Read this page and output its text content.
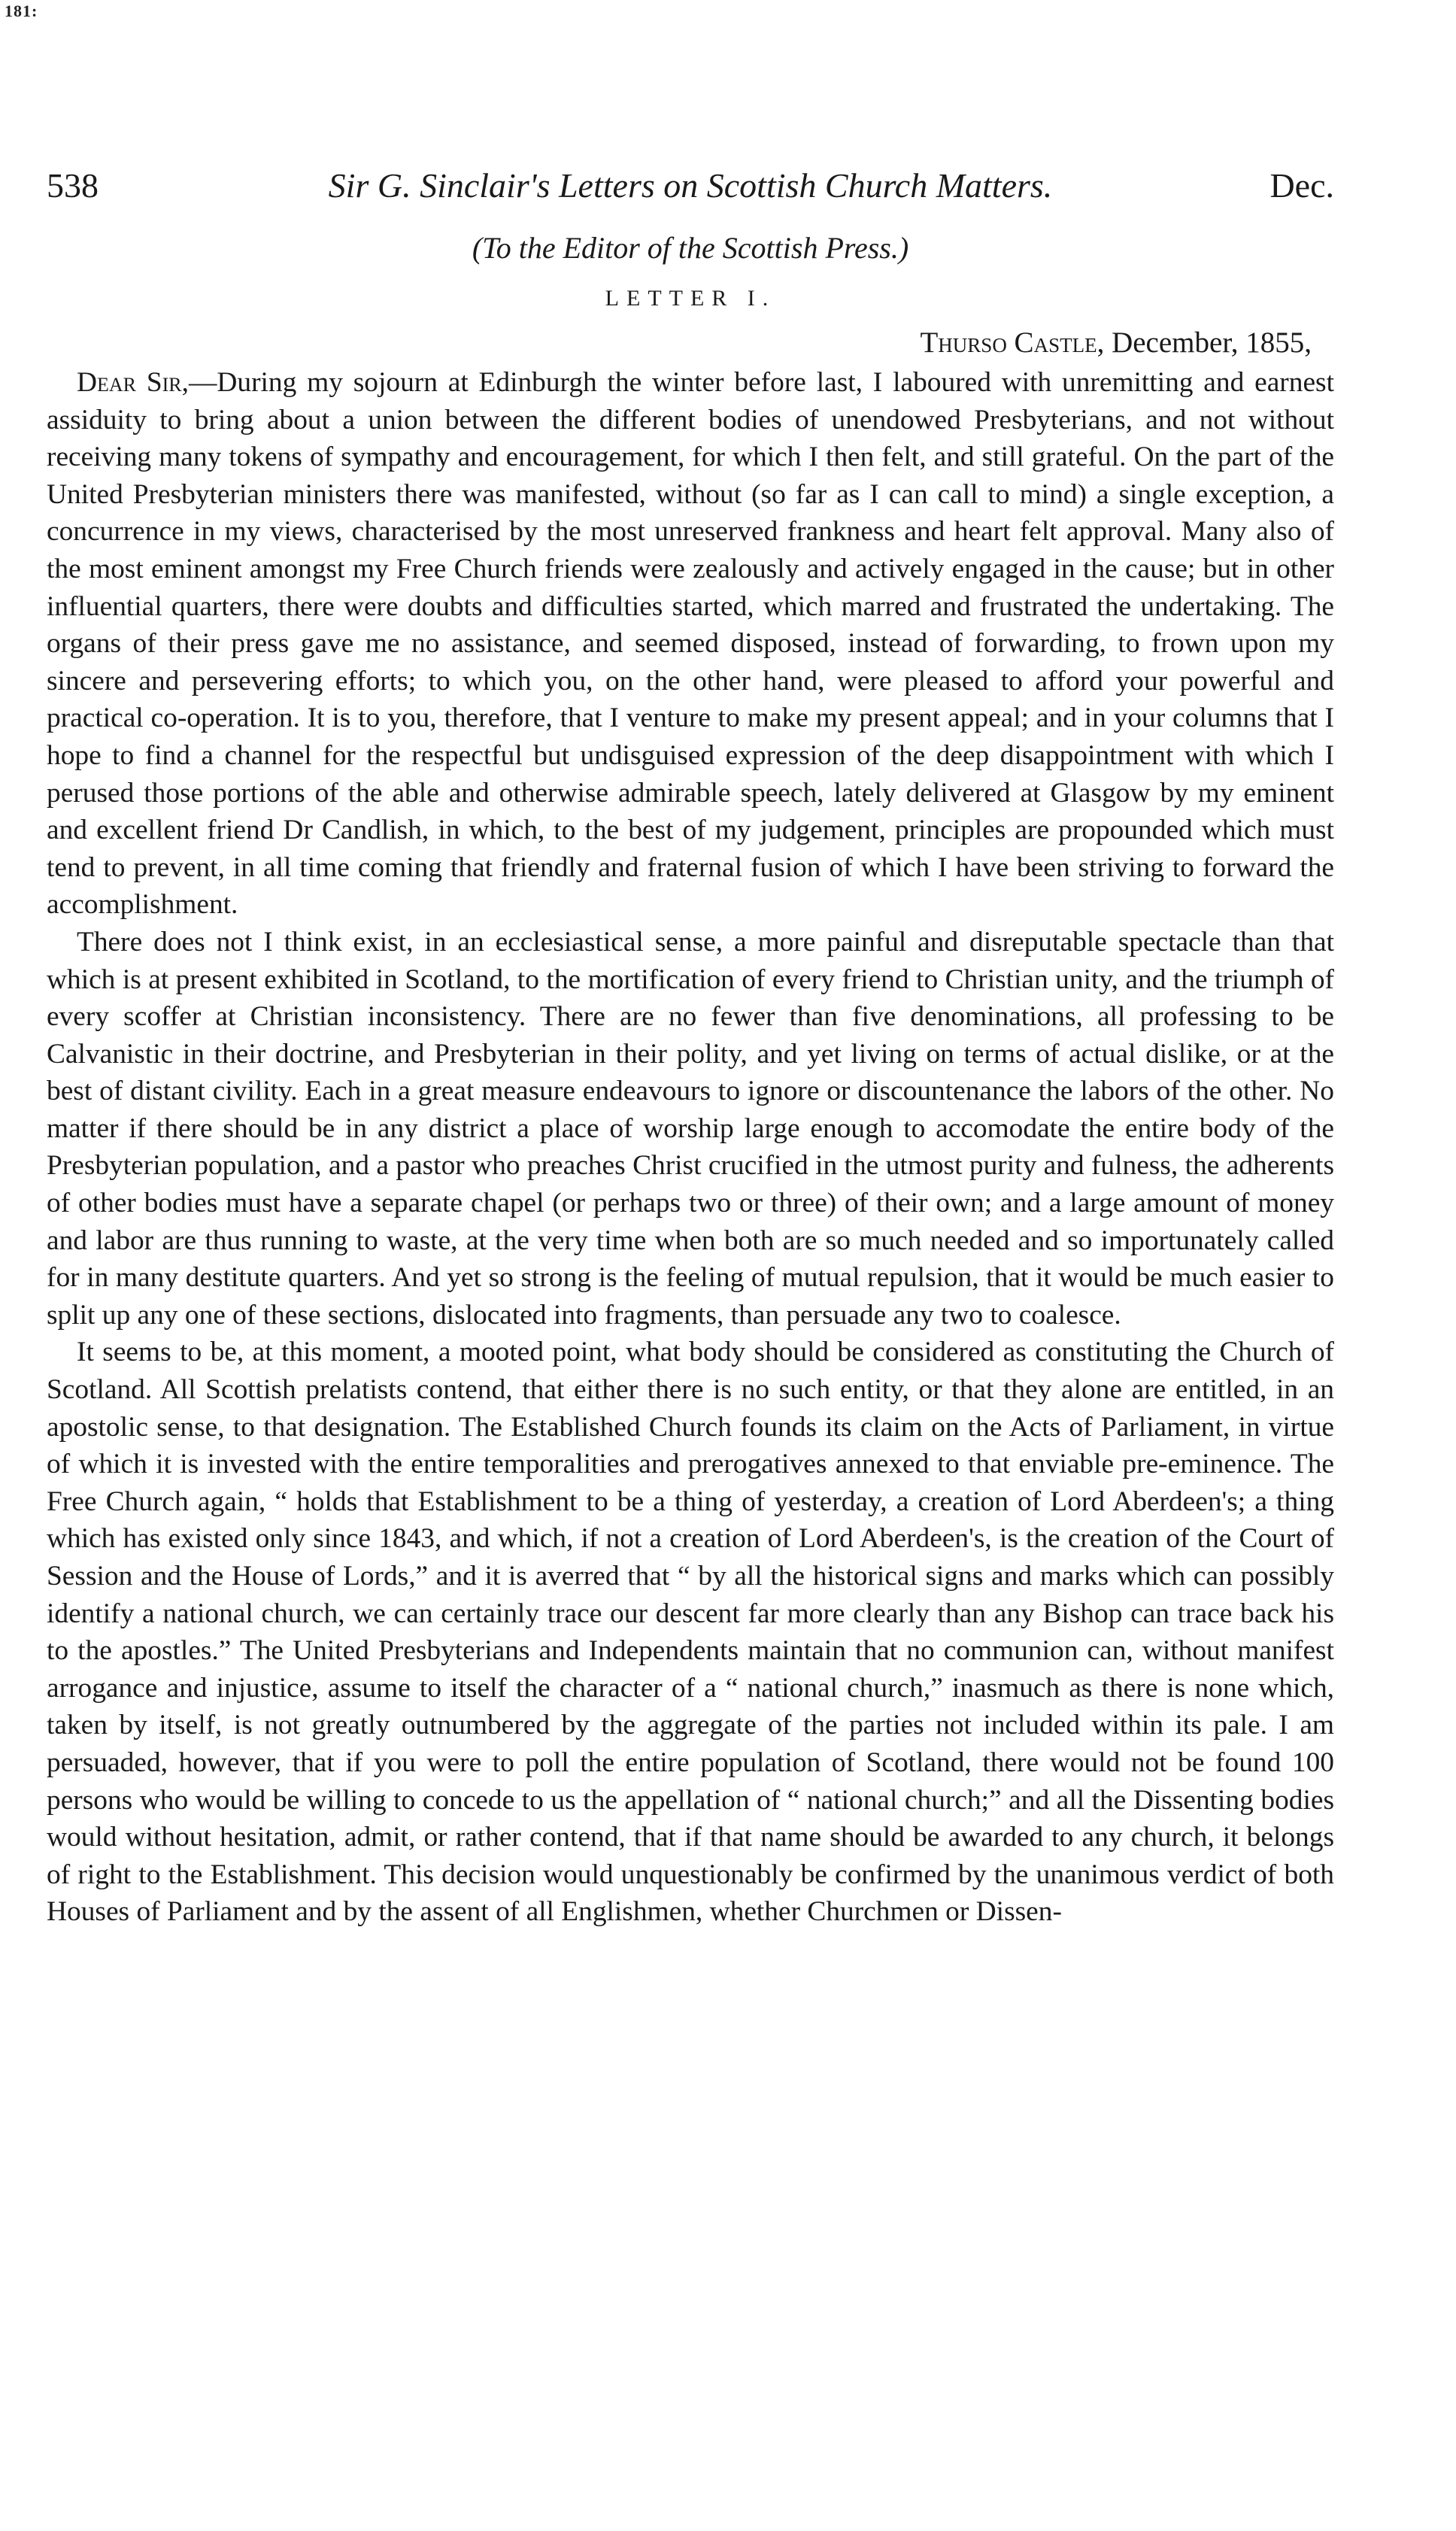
181:
538	Sir G. Sinclair's Letters on Scottish Church Matters.	Dec.
(To the Editor of the Scottish Press.)
LETTER I.
Thurso Castle, December, 1855,

Dear Sir,—During my sojourn at Edinburgh the winter before last, I laboured with unremitting and earnest assiduity to bring about a union between the different bodies of unendowed Presbyterians, and not without receiving many tokens of sympathy and encouragement, for which I then felt, and still grateful. On the part of the United Presbyterian ministers there was manifested, without (so far as I can call to mind) a single exception, a concurrence in my views, characterised by the most unreserved frankness and heart felt approval. Many also of the most eminent amongst my Free Church friends were zealously and actively engaged in the cause; but in other influential quarters, there were doubts and difficulties started, which marred and frustrated the undertaking. The organs of their press gave me no assistance, and seemed disposed, instead of forwarding, to frown upon my sincere and persevering efforts; to which you, on the other hand, were pleased to afford your powerful and practical co-operation. It is to you, therefore, that I venture to make my present appeal; and in your columns that I hope to find a channel for the respectful but undisguised expression of the deep disappointment with which I perused those portions of the able and otherwise admirable speech, lately delivered at Glasgow by my eminent and excellent friend Dr Candlish, in which, to the best of my judgement, principles are propounded which must tend to prevent, in all time coming that friendly and fraternal fusion of which I have been striving to forward the accomplishment.

There does not I think exist, in an ecclesiastical sense, a more painful and disreputable spectacle than that which is at present exhibited in Scotland, to the mortification of every friend to Christian unity, and the triumph of every scoffer at Christian inconsistency. There are no fewer than five denominations, all professing to be Calvanistic in their doctrine, and Presbyterian in their polity, and yet living on terms of actual dislike, or at the best of distant civility. Each in a great measure endeavours to ignore or discountenance the labors of the other. No matter if there should be in any district a place of worship large enough to accomodate the entire body of the Presbyterian population, and a pastor who preaches Christ crucified in the utmost purity and fulness, the adherents of other bodies must have a separate chapel (or perhaps two or three) of their own; and a large amount of money and labor are thus running to waste, at the very time when both are so much needed and so importunately called for in many destitute quarters. And yet so strong is the feeling of mutual repulsion, that it would be much easier to split up any one of these sections, dislocated into fragments, than persuade any two to coalesce.

It seems to be, at this moment, a mooted point, what body should be considered as constituting the Church of Scotland. All Scottish prelatists contend, that either there is no such entity, or that they alone are entitled, in an apostolic sense, to that designation. The Established Church founds its claim on the Acts of Parliament, in virtue of which it is invested with the entire temporalities and prerogatives annexed to that enviable pre-eminence. The Free Church again, “ holds that Establishment to be a thing of yesterday, a creation of Lord Aberdeen's; a thing which has existed only since 1843, and which, if not a creation of Lord Aberdeen's, is the creation of the Court of Session and the House of Lords,” and it is averred that “ by all the historical signs and marks which can possibly identify a national church, we can certainly trace our descent far more clearly than any Bishop can trace back his to the apostles.” The United Presbyterians and Independents maintain that no communion can, without manifest arrogance and injustice, assume to itself the character of a “ national church,” inasmuch as there is none which, taken by itself, is not greatly outnumbered by the aggregate of the parties not included within its pale. I am persuaded, however, that if you were to poll the entire population of Scotland, there would not be found 100 persons who would be willing to concede to us the appellation of “ national church;” and all the Dissenting bodies would without hesitation, admit, or rather contend, that if that name should be awarded to any church, it belongs of right to the Establishment. This decision would unquestionably be confirmed by the unanimous verdict of both Houses of Parliament and by the assent of all Englishmen, whether Churchmen or Dissen-
